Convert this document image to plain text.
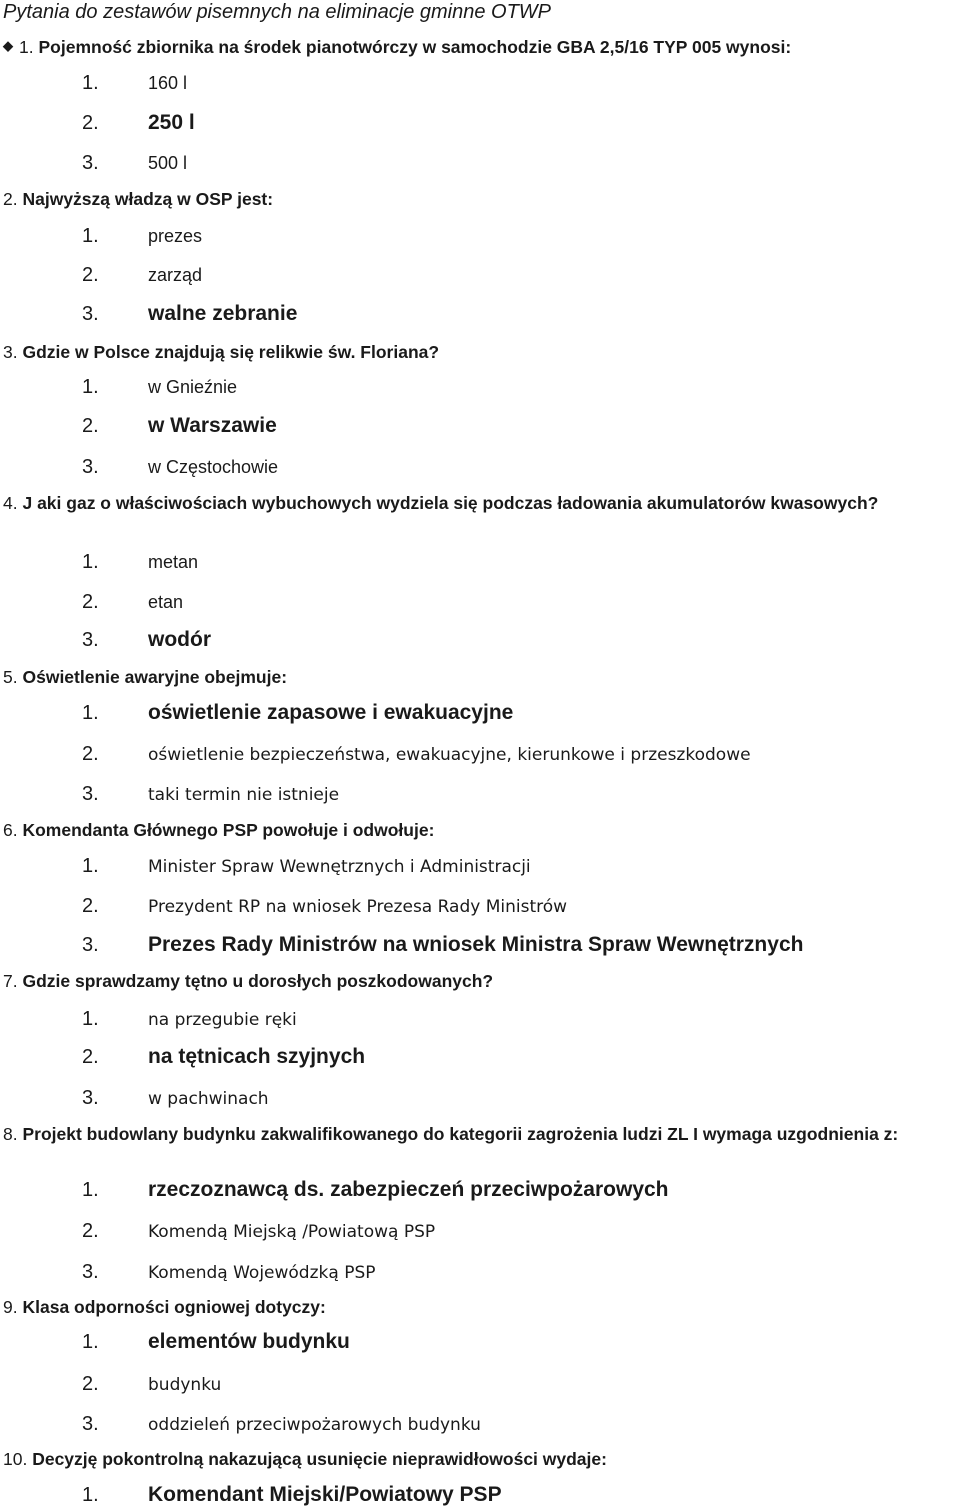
Pytania do zestawów pisemnych na eliminacje gminne OTWP
◆ 1. Pojemność zbiornika na środek pianotwórczy w samochodzie GBA 2,5/16 TYP 005 wynosi:
1.	160 l
2. 250 l
3.	500 l
2. Najwyższą władzą w OSP jest:
1.	prezes
2.	zarząd
3. walne zebranie
3. Gdzie w Polsce znajdują się relikwie św. Floriana?
1.	w Gnieźnie
2. w Warszawie
3.	w Częstochowie
4. J aki gaz o właściwościach wybuchowych wydziela się podczas ładowania akumulatorów kwasowych?
1.	metan
2.	etan
3. wodór
5. Oświetlenie awaryjne obejmuje:
1. oświetlenie zapasowe i ewakuacyjne
2.	oświetlenie bezpieczeństwa, ewakuacyjne, kierunkowe i przeszkodowe
3.	taki termin nie istnieje
6. Komendanta Głównego PSP powołuje i odwołuje:
1.	Minister Spraw Wewnętrznych i Administracji
2.	Prezydent RP na wniosek Prezesa Rady Ministrów
3. Prezes Rady Ministrów na wniosek Ministra Spraw Wewnętrznych
7. Gdzie sprawdzamy tętno u dorosłych poszkodowanych?
1.	na przegubie ręki
2. na tętnicach szyjnych
3.	w pachwinach
8. Projekt budowlany budynku zakwalifikowanego do kategorii zagrożenia ludzi ZL I wymaga uzgodnienia z:
1. rzeczoznawcą ds. zabezpieczeń przeciwpożarowych
2.	Komendą Miejską /Powiatową PSP
3.	Komendą Wojewódzką PSP
9. Klasa odporności ogniowej dotyczy:
1. elementów budynku
2.	budynku
3.	oddzieleń przeciwpożarowych budynku
10. Decyzję pokontrolną nakazującą usunięcie nieprawidłowości wydaje:
1. Komendant Miejski/Powiatowy PSP
